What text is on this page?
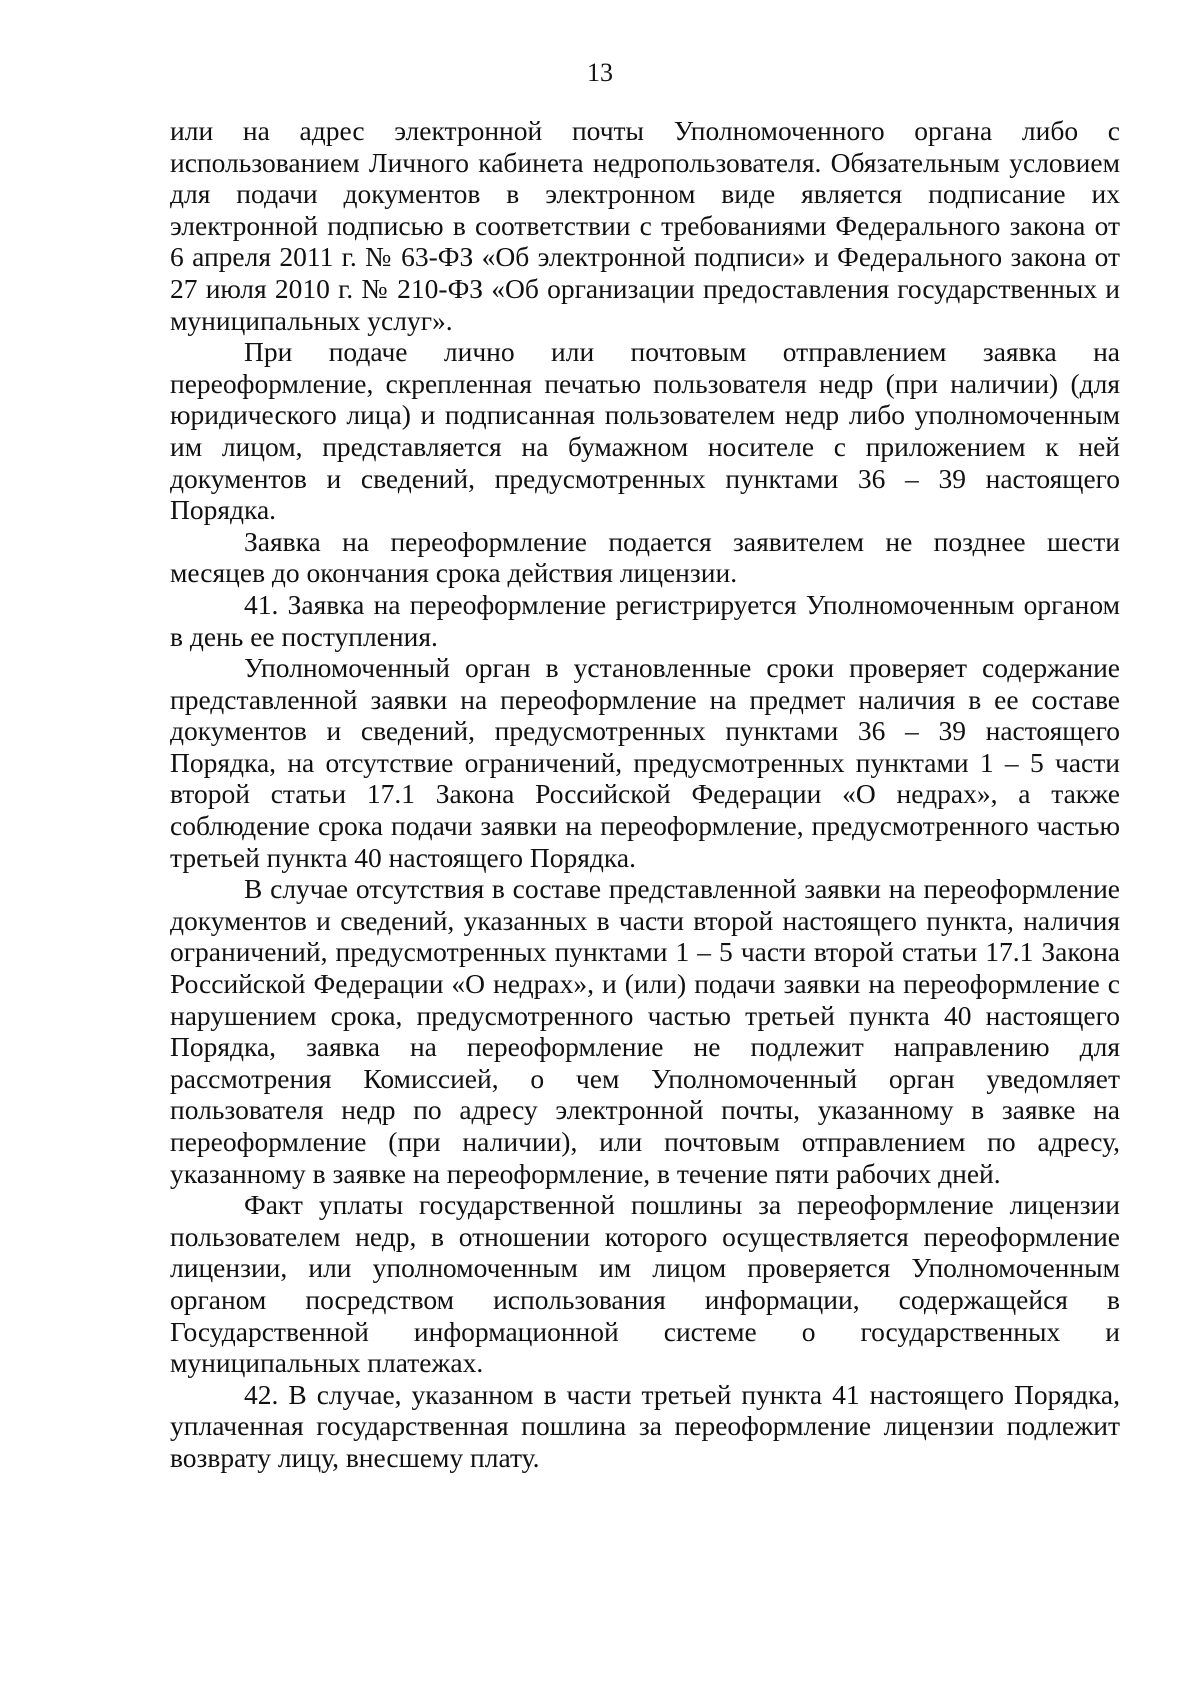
13

или на адрес электронной почты Уполномоченного органа либо с использованием Личного кабинета недропользователя. Обязательным условием для подачи документов в электронном виде является подписание их электронной подписью в соответствии с требованиями Федерального закона от 6 апреля 2011 г. № 63-ФЗ «Об электронной подписи» и Федерального закона от 27 июля 2010 г. № 210-ФЗ «Об организации предоставления государственных и муниципальных услуг».

При подаче лично или почтовым отправлением заявка на переоформление, скрепленная печатью пользователя недр (при наличии) (для юридического лица) и подписанная пользователем недр либо уполномоченным им лицом, представляется на бумажном носителе с приложением к ней документов и сведений, предусмотренных пунктами 36 – 39 настоящего Порядка.

Заявка на переоформление подается заявителем не позднее шести месяцев до окончания срока действия лицензии.

41. Заявка на переоформление регистрируется Уполномоченным органом в день ее поступления.

Уполномоченный орган в установленные сроки проверяет содержание представленной заявки на переоформление на предмет наличия в ее составе документов и сведений, предусмотренных пунктами 36 – 39 настоящего Порядка, на отсутствие ограничений, предусмотренных пунктами 1 – 5 части второй статьи 17.1 Закона Российской Федерации «О недрах», а также соблюдение срока подачи заявки на переоформление, предусмотренного частью третьей пункта 40 настоящего Порядка.

В случае отсутствия в составе представленной заявки на переоформление документов и сведений, указанных в части второй настоящего пункта, наличия ограничений, предусмотренных пунктами 1 – 5 части второй статьи 17.1 Закона Российской Федерации «О недрах», и (или) подачи заявки на переоформление с нарушением срока, предусмотренного частью третьей пункта 40 настоящего Порядка, заявка на переоформление не подлежит направлению для рассмотрения Комиссией, о чем Уполномоченный орган уведомляет пользователя недр по адресу электронной почты, указанному в заявке на переоформление (при наличии), или почтовым отправлением по адресу, указанному в заявке на переоформление, в течение пяти рабочих дней.

Факт уплаты государственной пошлины за переоформление лицензии пользователем недр, в отношении которого осуществляется переоформление лицензии, или уполномоченным им лицом проверяется Уполномоченным органом посредством использования информации, содержащейся в Государственной информационной системе о государственных и муниципальных платежах.

42. В случае, указанном в части третьей пункта 41 настоящего Порядка, уплаченная государственная пошлина за переоформление лицензии подлежит возврату лицу, внесшему плату.
